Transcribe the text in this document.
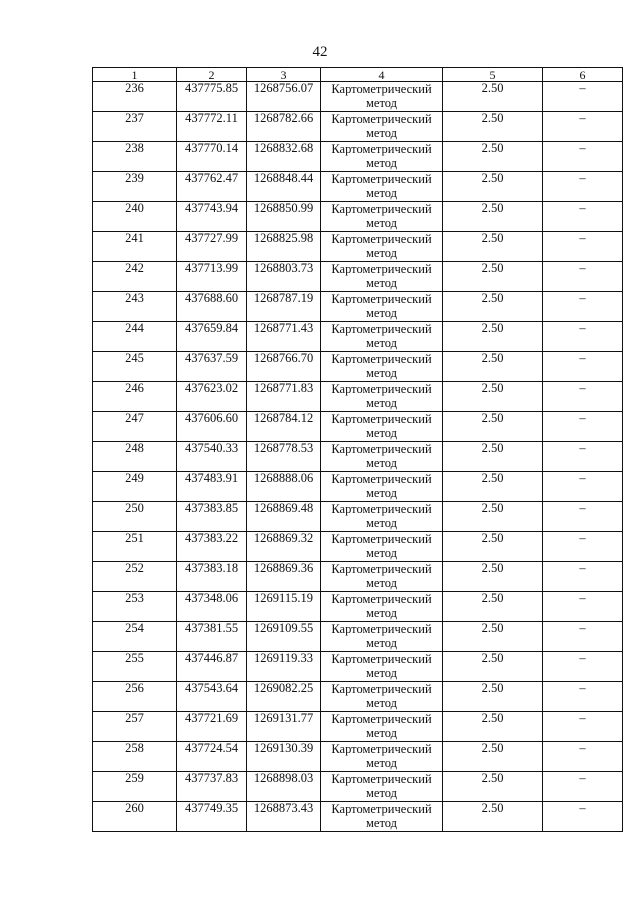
42
1	2	3	4	5	6
236	437775.85	1268756.07	Картометрический метод	2.50	–
237	437772.11	1268782.66	Картометрический метод	2.50	–
238	437770.14	1268832.68	Картометрический метод	2.50	–
239	437762.47	1268848.44	Картометрический метод	2.50	–
240	437743.94	1268850.99	Картометрический метод	2.50	–
241	437727.99	1268825.98	Картометрический метод	2.50	–
242	437713.99	1268803.73	Картометрический метод	2.50	–
243	437688.60	1268787.19	Картометрический метод	2.50	–
244	437659.84	1268771.43	Картометрический метод	2.50	–
245	437637.59	1268766.70	Картометрический метод	2.50	–
246	437623.02	1268771.83	Картометрический метод	2.50	–
247	437606.60	1268784.12	Картометрический метод	2.50	–
248	437540.33	1268778.53	Картометрический метод	2.50	–
249	437483.91	1268888.06	Картометрический метод	2.50	–
250	437383.85	1268869.48	Картометрический метод	2.50	–
251	437383.22	1268869.32	Картометрический метод	2.50	–
252	437383.18	1268869.36	Картометрический метод	2.50	–
253	437348.06	1269115.19	Картометрический метод	2.50	–
254	437381.55	1269109.55	Картометрический метод	2.50	–
255	437446.87	1269119.33	Картометрический метод	2.50	–
256	437543.64	1269082.25	Картометрический метод	2.50	–
257	437721.69	1269131.77	Картометрический метод	2.50	–
258	437724.54	1269130.39	Картометрический метод	2.50	–
259	437737.83	1268898.03	Картометрический метод	2.50	–
260	437749.35	1268873.43	Картометрический метод	2.50	–
